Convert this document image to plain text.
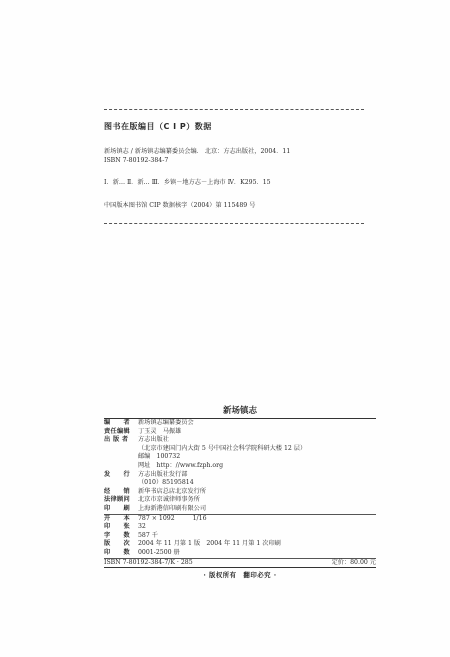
图书在版编目（C I P）数据
新场镇志 / 新场镇志编纂委员会编． 北京：方志出版社，2004．11
ISBN 7-80192-384-7
Ⅰ．新… Ⅱ．新… Ⅲ．乡镇－地方志－上海市 Ⅳ．K295．15
中国版本图书馆 CIP 数据核字（2004）第 115489 号
新场镇志
编　　者	新场镇志编纂委员会
责任编辑	丁玉灵　马振雄
出 版 者	方志出版社
（北京市建国门内大街 5 号中国社会科学院科研大楼 12 层）
邮编　100732
网址　http：//www.fzph.org
发　　行	方志出版社发行部
（010）85195814
经　　销	新华书店总店北京发行所
法律顾问	北京市京诚律师事务所
印　　刷	上海新港信印刷有限公司
开　　本	787 × 1092	1/16
印　　张	32
字　　数	587 千
版　　次	2004 年 11 月第 1 版　2004 年 11 月第 1 次印刷
印　　数	0001-2500 册
ISBN 7-80192-384-7/K · 285	定价：80.00 元
· 版权所有　翻印必究 ·
